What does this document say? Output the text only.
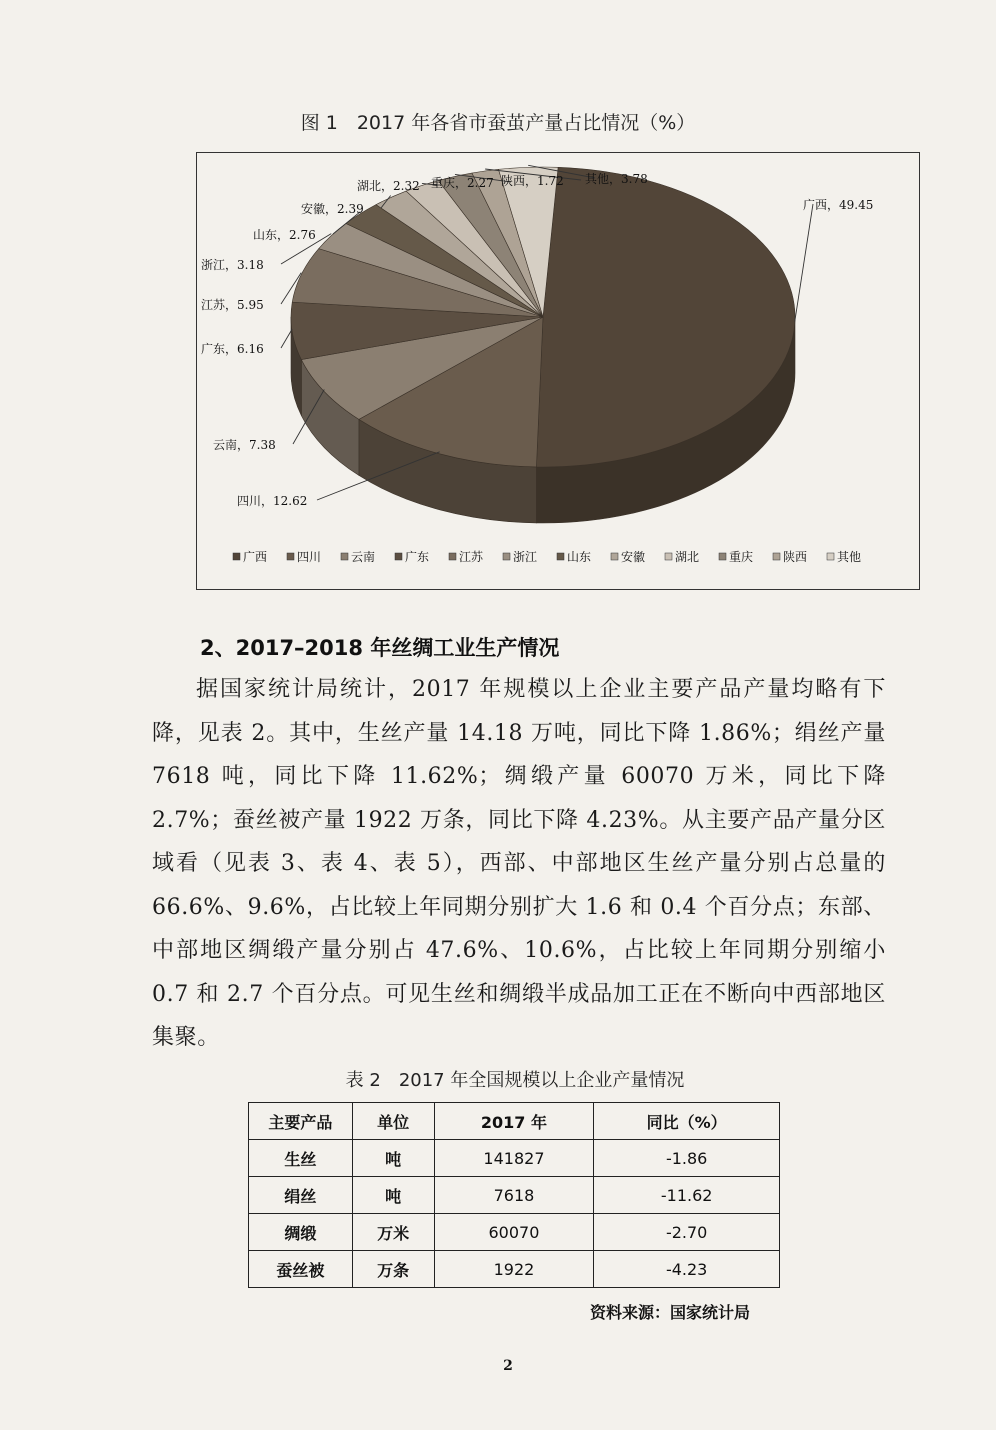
图 1　2017 年各省市蚕茧产量占比情况（%）
广西，49.45
四川，12.62
云南，7.38
广东，6.16
江苏，5.95
浙江，3.18
山东，2.76
安徽，2.39
湖北，2.32 重庆，2.27 陕西，1.72 其他，3.78
广西 四川 云南 广东 江苏 浙江 山东 安徽 湖北 重庆 陕西 其他
2、2017–2018 年丝绸工业生产情况
据国家统计局统计，2017 年规模以上企业主要产品产量均略有下降，见表 2。其中，生丝产量 14.18 万吨，同比下降 1.86%；绢丝产量 7618 吨，同比下降 11.62%；绸缎产量 60070 万米，同比下降 2.7%；蚕丝被产量 1922 万条，同比下降 4.23%。从主要产品产量分区域看（见表 3、表 4、表 5），西部、中部地区生丝产量分别占总量的 66.6%、9.6%，占比较上年同期分别扩大 1.6 和 0.4 个百分点；东部、中部地区绸缎产量分别占 47.6%、10.6%，占比较上年同期分别缩小 0.7 和 2.7 个百分点。可见生丝和绸缎半成品加工正在不断向中西部地区集聚。
表 2　2017 年全国规模以上企业产量情况
主要产品	单位	2017 年	同比（%）
生丝	吨	141827	-1.86
绢丝	吨	7618	-11.62
绸缎	万米	60070	-2.70
蚕丝被	万条	1922	-4.23
资料来源：国家统计局
2
